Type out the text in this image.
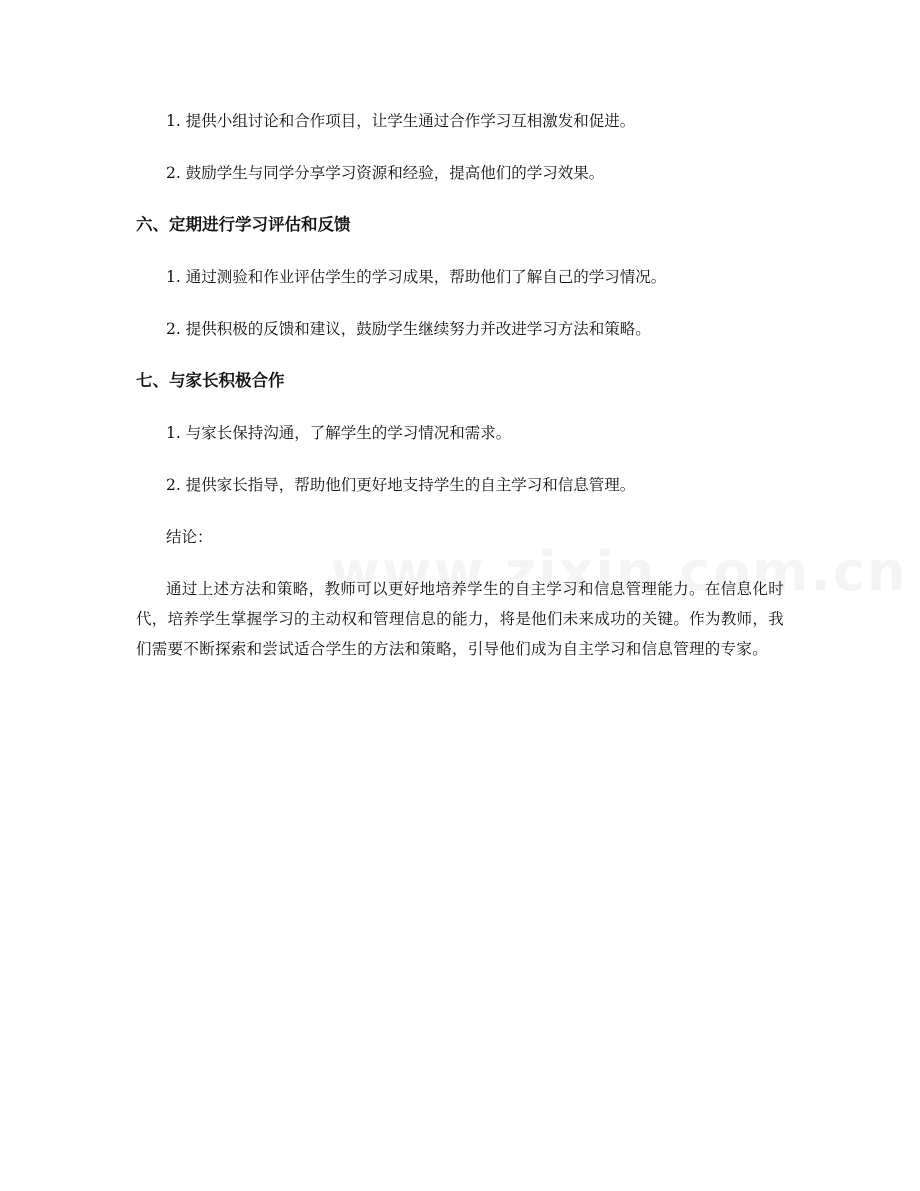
1. 提供小组讨论和合作项目，让学生通过合作学习互相激发和促进。

2. 鼓励学生与同学分享学习资源和经验，提高他们的学习效果。

六、定期进行学习评估和反馈

1. 通过测验和作业评估学生的学习成果，帮助他们了解自己的学习情况。

2. 提供积极的反馈和建议，鼓励学生继续努力并改进学习方法和策略。

七、与家长积极合作

1. 与家长保持沟通，了解学生的学习情况和需求。

2. 提供家长指导，帮助他们更好地支持学生的自主学习和信息管理。

结论：

通过上述方法和策略，教师可以更好地培养学生的自主学习和信息管理能力。在信息化时代，培养学生掌握学习的主动权和管理信息的能力，将是他们未来成功的关键。作为教师，我们需要不断探索和尝试适合学生的方法和策略，引导他们成为自主学习和信息管理的专家。
